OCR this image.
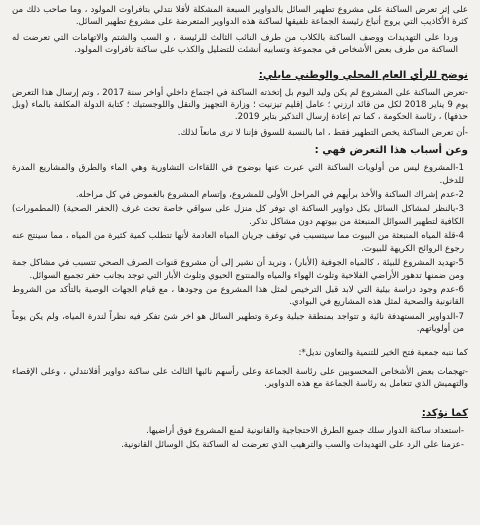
على إثر تعرض الساكنة على مشروع تطهير السائل بالدواوير السبعة المشكلة لأفلا نتدلي بتافراوت المولود ، وما صاحب ذلك من كثرة الأكاذيب التي يروج أتباع رئيسة الجماعة تلفيقها لساكنة هذه الدواوير المتعرضة على مشروع تطهير السائل.

وردا على التهديدات ووصف الساكنة بالكلاب من طرف النائب الثالث للرئيسة ، و السب والشتم والاتهامات التي تعرضت له الساكنة من طرف بعض الأشخاص في مجموعة وتسابيه أنشئت للتضليل والكذب على ساكنة تافراوت المولود.

نوضح للرأي العام المحلي والوطني مايلي:

-تعرض الساكنة على المشروع لم يكن وليد اليوم بل إتخذته الساكنة في اجتماع داخلي أواخر سنة 2017 ، وتم إرسال هذا التعرض يوم 9 يناير 2018 لكل من قائد ارزني ؛ عامل إقليم تيزنيت ؛ وزارة التجهيز والنقل واللوجستيك ؛ كتابة الدولة المكلفة بالماء (وبل حذفها) ، رئاسة الحكومة ، كما تم إعادة إرسال التذكير بتاير 2019.

-أن تعرض الساكنة يخص التطهير فقط ، اما بالنسبة للسوق فإننا لا نرى مانعاً لذلك.

وعن أسباب هذا التعرض فهي :
1-المشروع ليس من أولويات الساكنة التي عبرت عنها بوضوح في اللقاءات التشاورية وهي الماء والطرق والمشاريع المدرة للدخل.
2-عدم إشراك الساكنة والأخذ برأيهم في المراحل الأولى للمشروع، وإتسام المشروع بالغموض في كل مراحله.
3-بالنظر لمشاكل السائل بكل دواوير الساكنة اي توفر كل منزل على سواقي خاصة تحت غرف (الحفر الصحية) (المطمورات) الكافية لتطهير السوائل المنبعثة من بيوتهم دون مشاكل تذكر.
4-قلة المياه المنبعثة من البيوت مما سيتسبب في توقف جريان المياه العادمة لأنها تتطلب كمية كثيرة من المياه ، مما سينتج عنه رجوع الروائح الكريهة للبيوت.
5-تهديد المشروع للبيئة ، كالمياه الجوفية (الأبار) ، ونريد أن نشير إلى أن مشروع قنوات الصرف الصحي تتسبب في مشاكل جمة ومن ضمنها تدهور الأراضي الفلاحية وتلوث الهواء والمياه والمنتوج الحيوي وتلوث الأبار التي توجد بجانب حفر تجميع السوائل.
6-عدم وجود دراسة بيئية التي لابد قبل الترخيص لمثل هذا المشروع من وجودها ، مع قيام الجهات الوصية بالتأكد من الشروط القانونية والصحية لمثل هذه المشاريع في البوادي.
7-الدواوير المستهدفة نائية و تتواجد بمنطقة جبلية وعرة وتطهير السائل هو اخر شئ تفكر فيه نظراً لندرة المياه، ولم يكن يوماً من أولوياتهم.

كما ننبه جمعية فتح الخير للتنمية والتعاون نديل*:

-تهجمات بعض الأشخاص المحسوبين على رئاسة الجماعة وعلى رأسهم نائبها الثالث على ساكنة دواوير أفلانتدلي ، وعلى الإقصاء والتهميش الذي تتعامل به رئاسة الجماعة مع هذه الدواوير.

كما نؤكد:
-استعداد ساكنة الدوار سلك جميع الطرق الاحتجاجية والقانونية لمنع المشروع فوق أراضيها.
-عزمنا على الرد على التهديدات والسب والترهيب الذي تعرضت له الساكنة بكل الوسائل القانونية.
